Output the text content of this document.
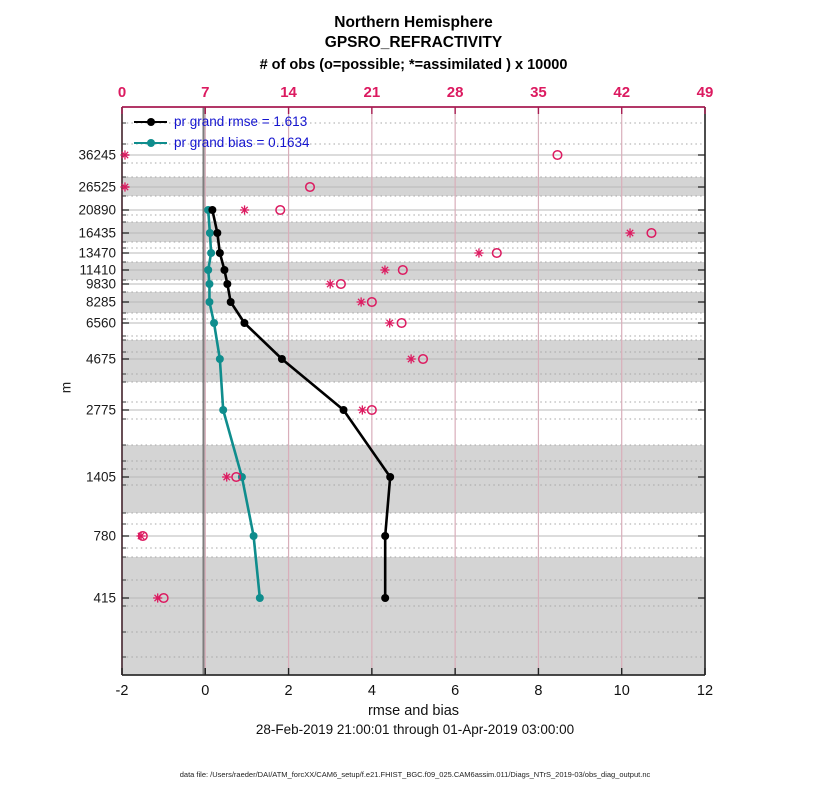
Northern Hemisphere
GPSRO_REFRACTIVITY
# of obs (o=possible; *=assimilated ) x 10000
0	7	14	21	28	35	42	49
-2	0	2	4	6	8	10	12
36245
26525
20890
16435
13470
11410
9830
8285
6560
4675
2775
1405
780
415
pr grand rmse = 1.613
pr grand bias = 0.1634
m
rmse and bias
28-Feb-2019 21:00:01 through 01-Apr-2019 03:00:00
data file: /Users/raeder/DAI/ATM_forcXX/CAM6_setup/f.e21.FHIST_BGC.f09_025.CAM6assim.011/Diags_NTrS_2019-03/obs_diag_output.nc
